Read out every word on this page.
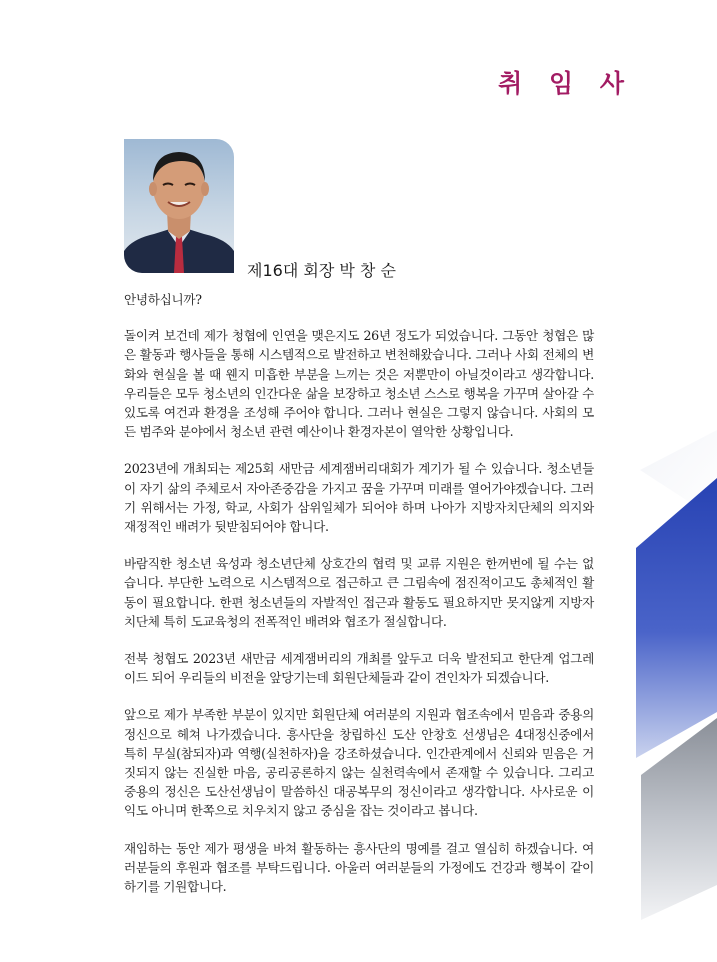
취 임 사
제16대 회장 박 창 순

안녕하십니까?

돌이켜 보건데 제가 청협에 인연을 맺은지도 26년 정도가 되었습니다. 그동안 청협은 많은 활동과 행사들을 통해 시스템적으로 발전하고 변천해왔습니다. 그러나 사회 전체의 변화와 현실을 볼 때 웬지 미흡한 부분을 느끼는 것은 저뿐만이 아닐것이라고 생각합니다. 우리들은 모두 청소년의 인간다운 삶을 보장하고 청소년 스스로 행복을 가꾸며 살아갈 수 있도록 여건과 환경을 조성해 주어야 합니다. 그러나 현실은 그렇지 않습니다. 사회의 모든 범주와 분야에서 청소년 관련 예산이나 환경자본이 열악한 상황입니다.

2023년에 개최되는 제25회 새만금 세계잼버리대회가 계기가 될 수 있습니다. 청소년들이 자기 삶의 주체로서 자아존중감을 가지고 꿈을 가꾸며 미래를 열어가야겠습니다. 그러기 위해서는 가정, 학교, 사회가 삼위일체가 되어야 하며 나아가 지방자치단체의 의지와 재정적인 배려가 뒷받침되어야 합니다.

바람직한 청소년 육성과 청소년단체 상호간의 협력 및 교류 지원은 한꺼번에 될 수는 없습니다. 부단한 노력으로 시스템적으로 접근하고 큰 그림속에 점진적이고도 총체적인 활동이 필요합니다. 한편 청소년들의 자발적인 접근과 활동도 필요하지만 못지않게 지방자치단체 특히 도교육청의 전폭적인 배려와 협조가 절실합니다.

전북 청협도 2023년 새만금 세계잼버리의 개최를 앞두고 더욱 발전되고 한단계 업그레이드 되어 우리들의 비전을 앞당기는데 회원단체들과 같이 견인차가 되겠습니다.

앞으로 제가 부족한 부분이 있지만 회원단체 여러분의 지원과 협조속에서 믿음과 중용의 정신으로 헤쳐 나가겠습니다. 흥사단을 창립하신 도산 안창호 선생님은 4대정신중에서 특히 무실(참되자)과 역행(실천하자)을 강조하셨습니다. 인간관계에서 신뢰와 믿음은 거짓되지 않는 진실한 마음, 공리공론하지 않는 실천력속에서 존재할 수 있습니다. 그리고 중용의 정신은 도산선생님이 말씀하신 대공복무의 정신이라고 생각합니다. 사사로운 이익도 아니며 한쪽으로 치우치지 않고 중심을 잡는 것이라고 봅니다.

재임하는 동안 제가 평생을 바쳐 활동하는 흥사단의 명예를 걸고 열심히 하겠습니다. 여러분들의 후원과 협조를 부탁드립니다. 아울러 여러분들의 가정에도 건강과 행복이 같이 하기를 기원합니다.
